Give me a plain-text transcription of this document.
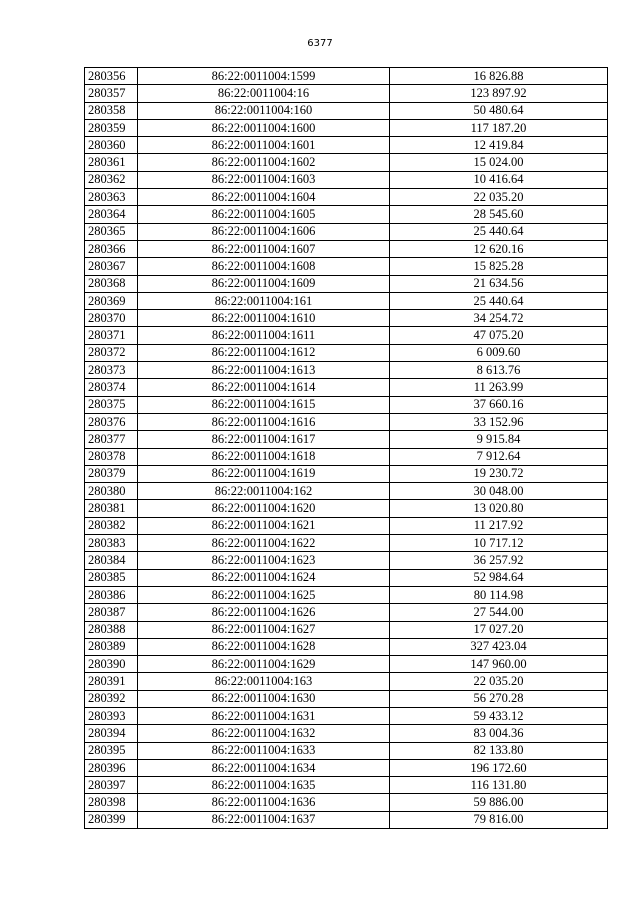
6377
280356	86:22:0011004:1599	16 826.88
280357	86:22:0011004:16	123 897.92
280358	86:22:0011004:160	50 480.64
280359	86:22:0011004:1600	117 187.20
280360	86:22:0011004:1601	12 419.84
280361	86:22:0011004:1602	15 024.00
280362	86:22:0011004:1603	10 416.64
280363	86:22:0011004:1604	22 035.20
280364	86:22:0011004:1605	28 545.60
280365	86:22:0011004:1606	25 440.64
280366	86:22:0011004:1607	12 620.16
280367	86:22:0011004:1608	15 825.28
280368	86:22:0011004:1609	21 634.56
280369	86:22:0011004:161	25 440.64
280370	86:22:0011004:1610	34 254.72
280371	86:22:0011004:1611	47 075.20
280372	86:22:0011004:1612	6 009.60
280373	86:22:0011004:1613	8 613.76
280374	86:22:0011004:1614	11 263.99
280375	86:22:0011004:1615	37 660.16
280376	86:22:0011004:1616	33 152.96
280377	86:22:0011004:1617	9 915.84
280378	86:22:0011004:1618	7 912.64
280379	86:22:0011004:1619	19 230.72
280380	86:22:0011004:162	30 048.00
280381	86:22:0011004:1620	13 020.80
280382	86:22:0011004:1621	11 217.92
280383	86:22:0011004:1622	10 717.12
280384	86:22:0011004:1623	36 257.92
280385	86:22:0011004:1624	52 984.64
280386	86:22:0011004:1625	80 114.98
280387	86:22:0011004:1626	27 544.00
280388	86:22:0011004:1627	17 027.20
280389	86:22:0011004:1628	327 423.04
280390	86:22:0011004:1629	147 960.00
280391	86:22:0011004:163	22 035.20
280392	86:22:0011004:1630	56 270.28
280393	86:22:0011004:1631	59 433.12
280394	86:22:0011004:1632	83 004.36
280395	86:22:0011004:1633	82 133.80
280396	86:22:0011004:1634	196 172.60
280397	86:22:0011004:1635	116 131.80
280398	86:22:0011004:1636	59 886.00
280399	86:22:0011004:1637	79 816.00
